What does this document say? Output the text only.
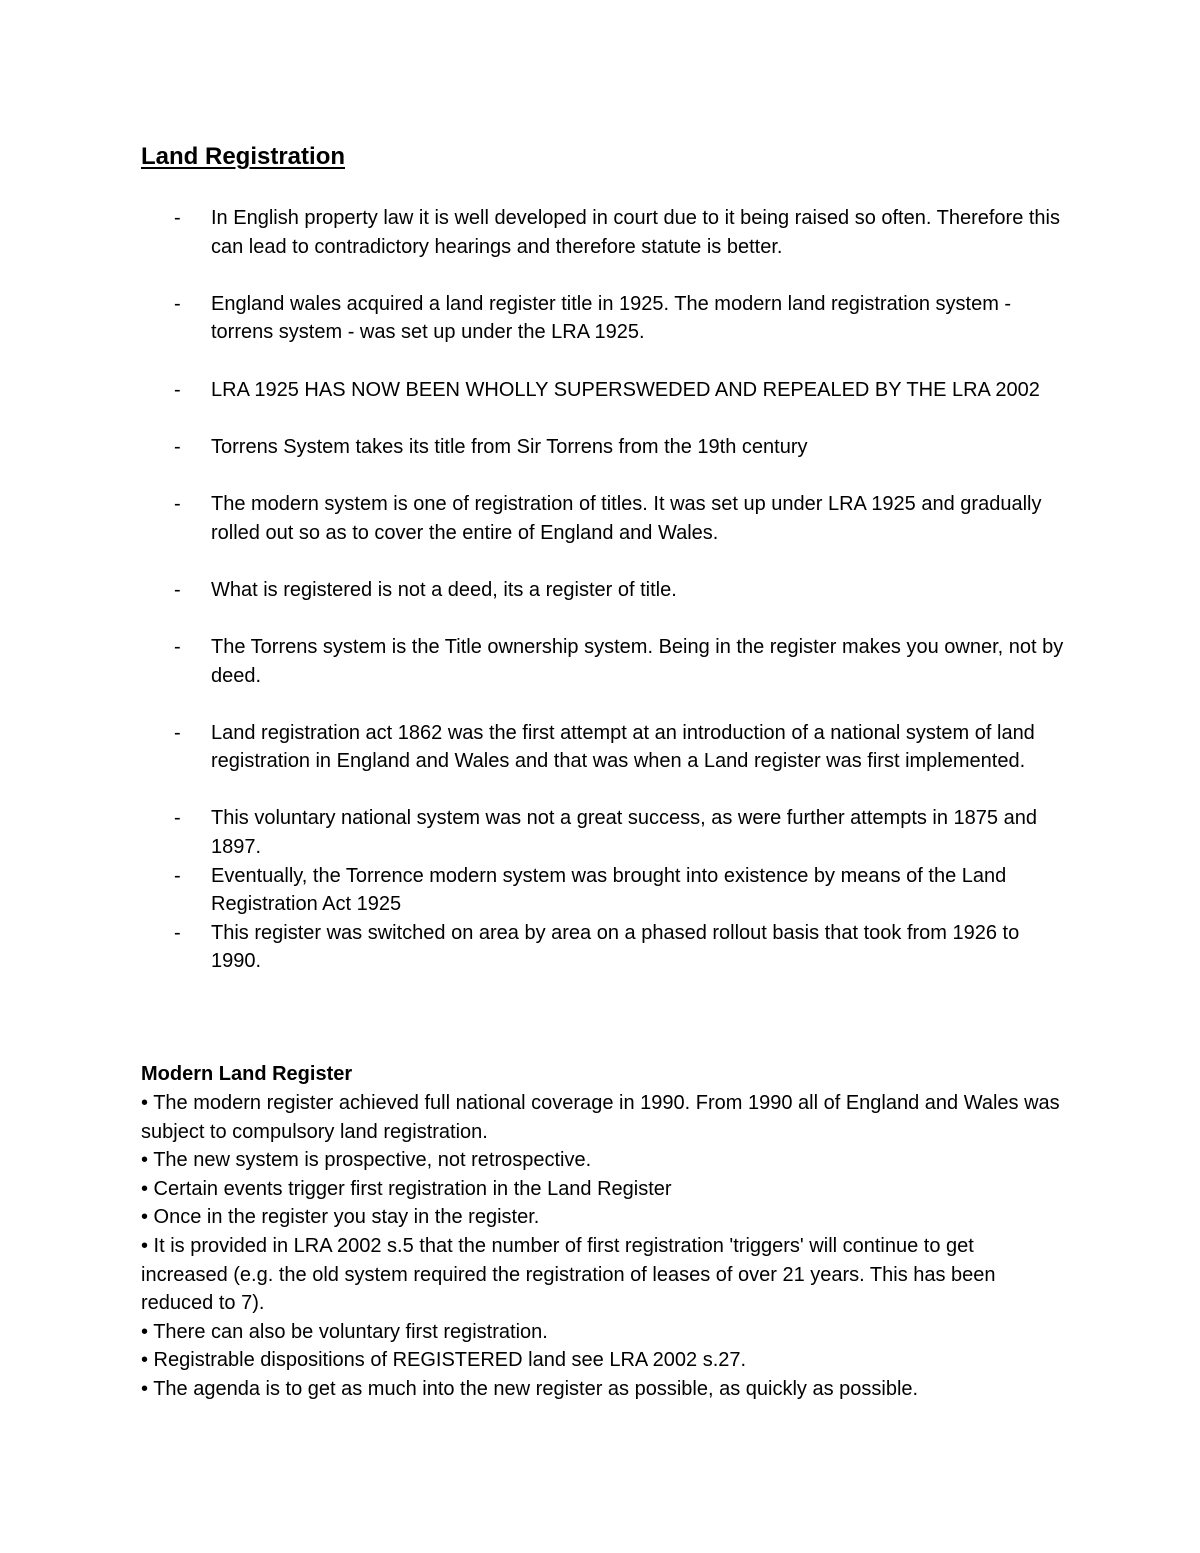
Land Registration
- In English property law it is well developed in court due to it being raised so often. Therefore this can lead to contradictory hearings and therefore statute is better.
- England wales acquired a land register title in 1925. The modern land registration system - torrens system - was set up under the LRA 1925.
- LRA 1925 HAS NOW BEEN WHOLLY SUPERSWEDED AND REPEALED BY THE LRA 2002
- Torrens System takes its title from Sir Torrens from the 19th century
- The modern system is one of registration of titles. It was set up under LRA 1925 and gradually rolled out so as to cover the entire of England and Wales.
- What is registered is not a deed, its a register of title.
- The Torrens system is the Title ownership system. Being in the register makes you owner, not by deed.
- Land registration act 1862 was the first attempt at an introduction of a national system of land registration in England and Wales and that was when a Land register was first implemented.
- This voluntary national system was not a great success, as were further attempts in 1875 and 1897.
- Eventually, the Torrence modern system was brought into existence by means of the Land Registration Act 1925
- This register was switched on area by area on a phased rollout basis that took from 1926 to 1990.
Modern Land Register
• The modern register achieved full national coverage in 1990. From 1990 all of England and Wales was subject to compulsory land registration.
• The new system is prospective, not retrospective.
• Certain events trigger first registration in the Land Register
• Once in the register you stay in the register.
• It is provided in LRA 2002 s.5 that the number of first registration 'triggers' will continue to get increased (e.g. the old system required the registration of leases of over 21 years. This has been reduced to 7).
• There can also be voluntary first registration.
• Registrable dispositions of REGISTERED land see LRA 2002 s.27.
• The agenda is to get as much into the new register as possible, as quickly as possible.
